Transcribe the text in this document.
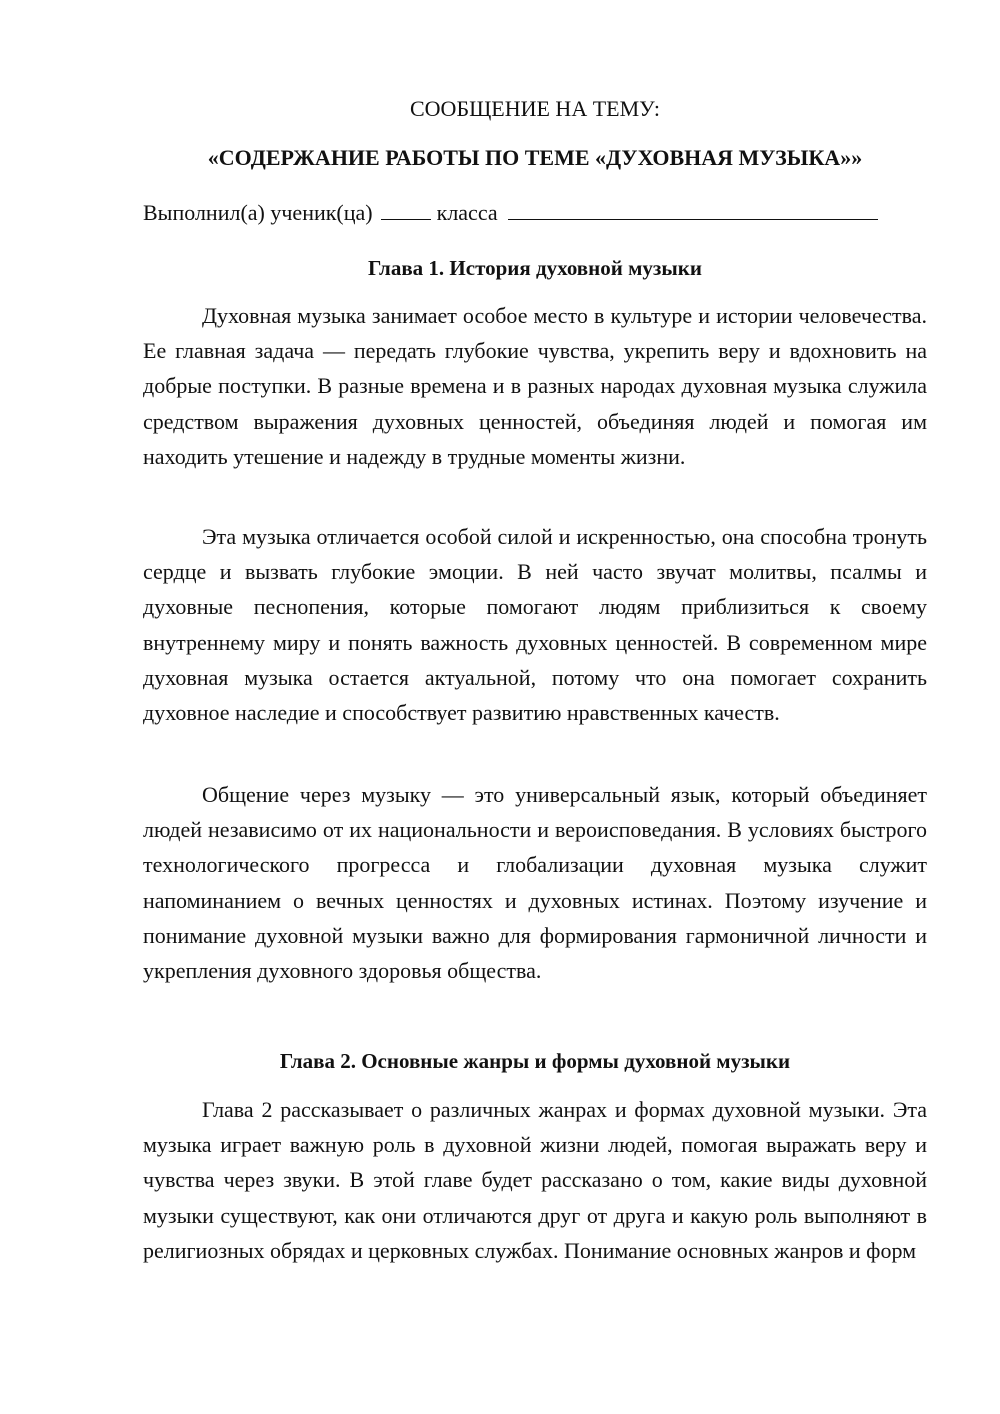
СООБЩЕНИЕ НА ТЕМУ:
«СОДЕРЖАНИЕ РАБОТЫ ПО ТЕМЕ «ДУХОВНАЯ МУЗЫКА»»
Выполнил(а) ученик(ца)	класса
Глава 1. История духовной музыки

Духовная музыка занимает особое место в культуре и истории человечества. Ее главная задача — передать глубокие чувства, укрепить веру и вдохновить на добрые поступки. В разные времена и в разных народах духовная музыка служила средством выражения духовных ценностей, объединяя людей и помогая им находить утешение и надежду в трудные моменты жизни.

Эта музыка отличается особой силой и искренностью, она способна тронуть сердце и вызвать глубокие эмоции. В ней часто звучат молитвы, псалмы и духовные песнопения, которые помогают людям приблизиться к своему внутреннему миру и понять важность духовных ценностей. В современном мире духовная музыка остается актуальной, потому что она помогает сохранить духовное наследие и способствует развитию нравственных качеств.

Общение через музыку — это универсальный язык, который объединяет людей независимо от их национальности и вероисповедания. В условиях быстрого технологического прогресса и глобализации духовная музыка служит напоминанием о вечных ценностях и духовных истинах. Поэтому изучение и понимание духовной музыки важно для формирования гармоничной личности и укрепления духовного здоровья общества.

Глава 2. Основные жанры и формы духовной музыки

Глава 2 рассказывает о различных жанрах и формах духовной музыки. Эта музыка играет важную роль в духовной жизни людей, помогая выражать веру и чувства через звуки. В этой главе будет рассказано о том, какие виды духовной музыки существуют, как они отличаются друг от друга и какую роль выполняют в религиозных обрядах и церковных службах. Понимание основных жанров и форм
